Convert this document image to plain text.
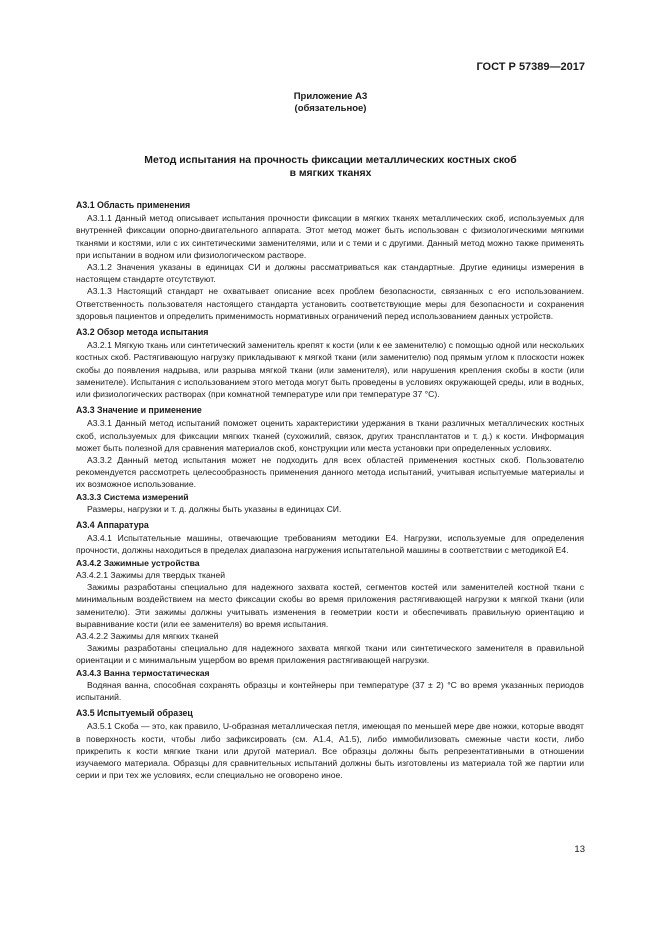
ГОСТ Р 57389—2017
Приложение А3
(обязательное)
Метод испытания на прочность фиксации металлических костных скоб
в мягких тканях
А3.1 Область применения

А3.1.1 Данный метод описывает испытания прочности фиксации в мягких тканях металлических скоб, используемых для внутренней фиксации опорно-двигательного аппарата. Этот метод может быть использован с физиологическими мягкими тканями и костями, или с их синтетическими заменителями, или и с теми и с другими. Данный метод можно также применять при испытании в водном или физиологическом растворе.

А3.1.2 Значения указаны в единицах СИ и должны рассматриваться как стандартные. Другие единицы измерения в настоящем стандарте отсутствуют.

А3.1.3 Настоящий стандарт не охватывает описание всех проблем безопасности, связанных с его использованием. Ответственность пользователя настоящего стандарта установить соответствующие меры для безопасности и сохранения здоровья пациентов и определить применимость нормативных ограничений перед использованием данных устройств.

А3.2 Обзор метода испытания

А3.2.1 Мягкую ткань или синтетический заменитель крепят к кости (или к ее заменителю) с помощью одной или нескольких костных скоб. Растягивающую нагрузку прикладывают к мягкой ткани (или заменителю) под прямым углом к плоскости ножек скобы до появления надрыва, или разрыва мягкой ткани (или заменителя), или нарушения крепления скобы в кости (или заменителе). Испытания с использованием этого метода могут быть проведены в условиях окружающей среды, или в водных, или физиологических растворах (при комнатной температуре или при температуре 37 °С).

А3.3 Значение и применение

А3.3.1 Данный метод испытаний поможет оценить характеристики удержания в ткани различных металлических костных скоб, используемых для фиксации мягких тканей (сухожилий, связок, других трансплантатов и т. д.) к кости. Информация может быть полезной для сравнения материалов скоб, конструкции или места установки при определенных условиях.

А3.3.2 Данный метод испытания может не подходить для всех областей применения костных скоб. Пользователю рекомендуется рассмотреть целесообразность применения данного метода испытаний, учитывая испытуемые материалы и их возможное использование.

А3.3.3 Система измерений

Размеры, нагрузки и т. д. должны быть указаны в единицах СИ.

А3.4 Аппаратура

А3.4.1 Испытательные машины, отвечающие требованиям методики Е4. Нагрузки, используемые для определения прочности, должны находиться в пределах диапазона нагружения испытательной машины в соответствии с методикой Е4.

А3.4.2 Зажимные устройства
А3.4.2.1 Зажимы для твердых тканей

Зажимы разработаны специально для надежного захвата костей, сегментов костей или заменителей костной ткани с минимальным воздействием на место фиксации скобы во время приложения растягивающей нагрузки к мягкой ткани (или заменителю). Эти зажимы должны учитывать изменения в геометрии кости и обеспечивать правильную ориентацию и выравнивание кости (или ее заменителя) во время испытания.

А3.4.2.2 Зажимы для мягких тканей

Зажимы разработаны специально для надежного захвата мягкой ткани или синтетического заменителя в правильной ориентации и с минимальным ущербом во время приложения растягивающей нагрузки.

А3.4.3 Ванна термостатическая

Водяная ванна, способная сохранять образцы и контейнеры при температуре (37 ± 2) °С во время указанных периодов испытаний.

А3.5 Испытуемый образец

А3.5.1 Скоба — это, как правило, U-образная металлическая петля, имеющая по меньшей мере две ножки, которые вводят в поверхность кости, чтобы либо зафиксировать (см. А1.4, А1.5), либо иммобилизовать смежные части кости, либо прикрепить к кости мягкие ткани или другой материал. Все образцы должны быть репрезентативными в отношении изучаемого материала. Образцы для сравнительных испытаний должны быть изготовлены из материала той же партии или серии и при тех же условиях, если специально не оговорено иное.

13
